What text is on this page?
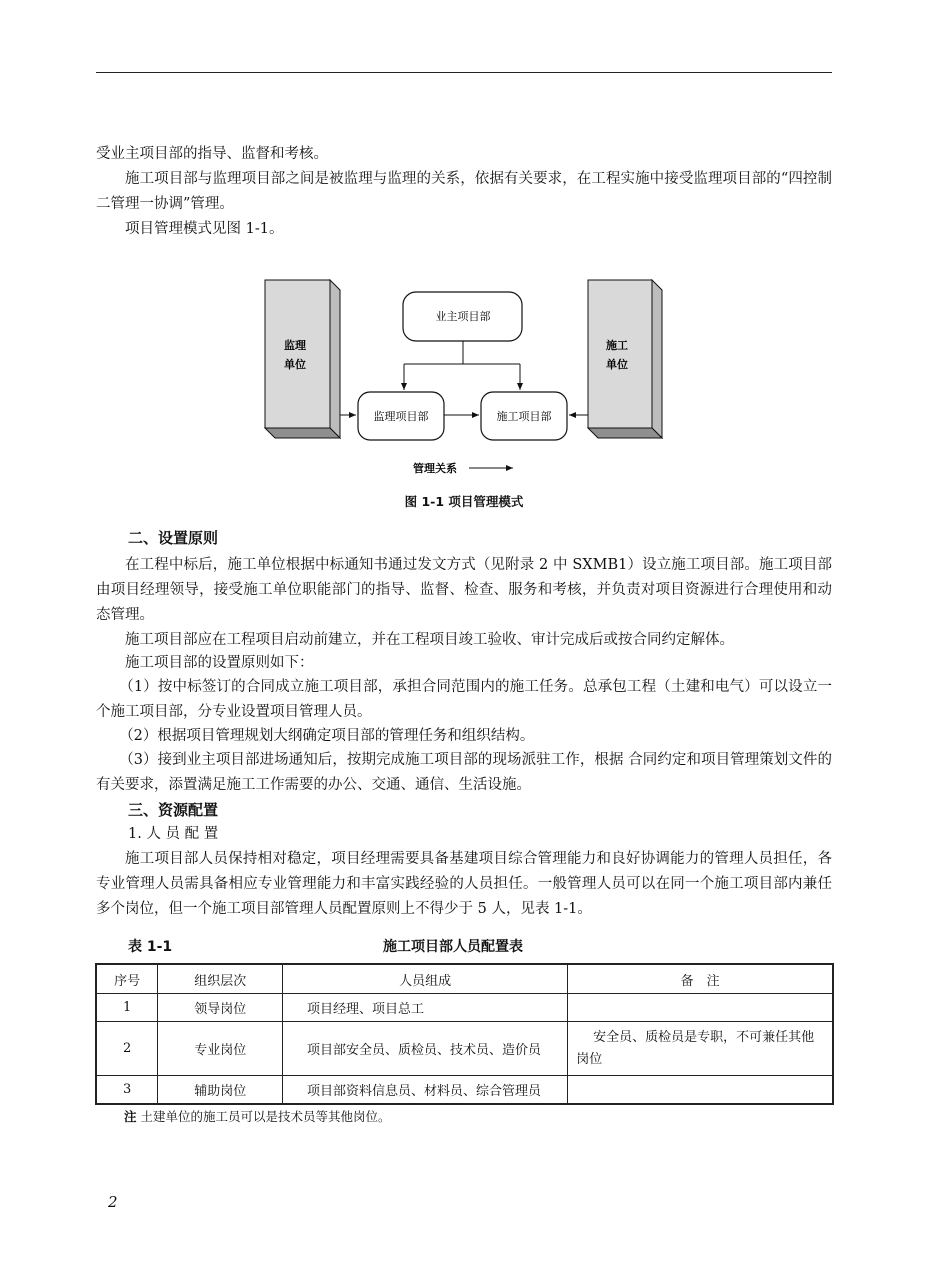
受业主项目部的指导、监督和考核。

施工项目部与监理项目部之间是被监理与监理的关系，依据有关要求，在工程实施中接受监理项目部的“四控制二管理一协调”管理。

项目管理模式见图 1-1。

监理
单位
施工
单位
业主项目部
监理项目部	施工项目部
管理关系
图 1-1 项目管理模式
二、设置原则

在工程中标后，施工单位根据中标通知书通过发文方式（见附录 2 中 SXMB1）设立施工项目部。施工项目部由项目经理领导，接受施工单位职能部门的指导、监督、检查、服务和考核，并负责对项目资源进行合理使用和动态管理。

施工项目部应在工程项目启动前建立，并在工程项目竣工验收、审计完成后或按合同约定解体。

施工项目部的设置原则如下：

（1）按中标签订的合同成立施工项目部，承担合同范围内的施工任务。总承包工程（土建和电气）可以设立一个施工项目部，分专业设置项目管理人员。

（2）根据项目管理规划大纲确定项目部的管理任务和组织结构。

（3）接到业主项目部进场通知后，按期完成施工项目部的现场派驻工作，根据 合同约定和项目管理策划文件的有关要求，添置满足施工工作需要的办公、交通、通信、生活设施。

三、资源配置

1. 人 员 配 置

施工项目部人员保持相对稳定，项目经理需要具备基建项目综合管理能力和良好协调能力的管理人员担任，各专业管理人员需具备相应专业管理能力和丰富实践经验的人员担任。一般管理人员可以在同一个施工项目部内兼任多个岗位，但一个施工项目部管理人员配置原则上不得少于 5 人，见表 1-1。

表 1-1	施工项目部人员配置表
序号	组织层次	人员组成	备　注
1	领导岗位	项目经理、项目总工	
2	专业岗位	项目部安全员、质检员、技术员、造价员	安全员、质检员是专职，不可兼任其他岗位
3	辅助岗位	项目部资料信息员、材料员、综合管理员	
注 土建单位的施工员可以是技术员等其他岗位。
2
